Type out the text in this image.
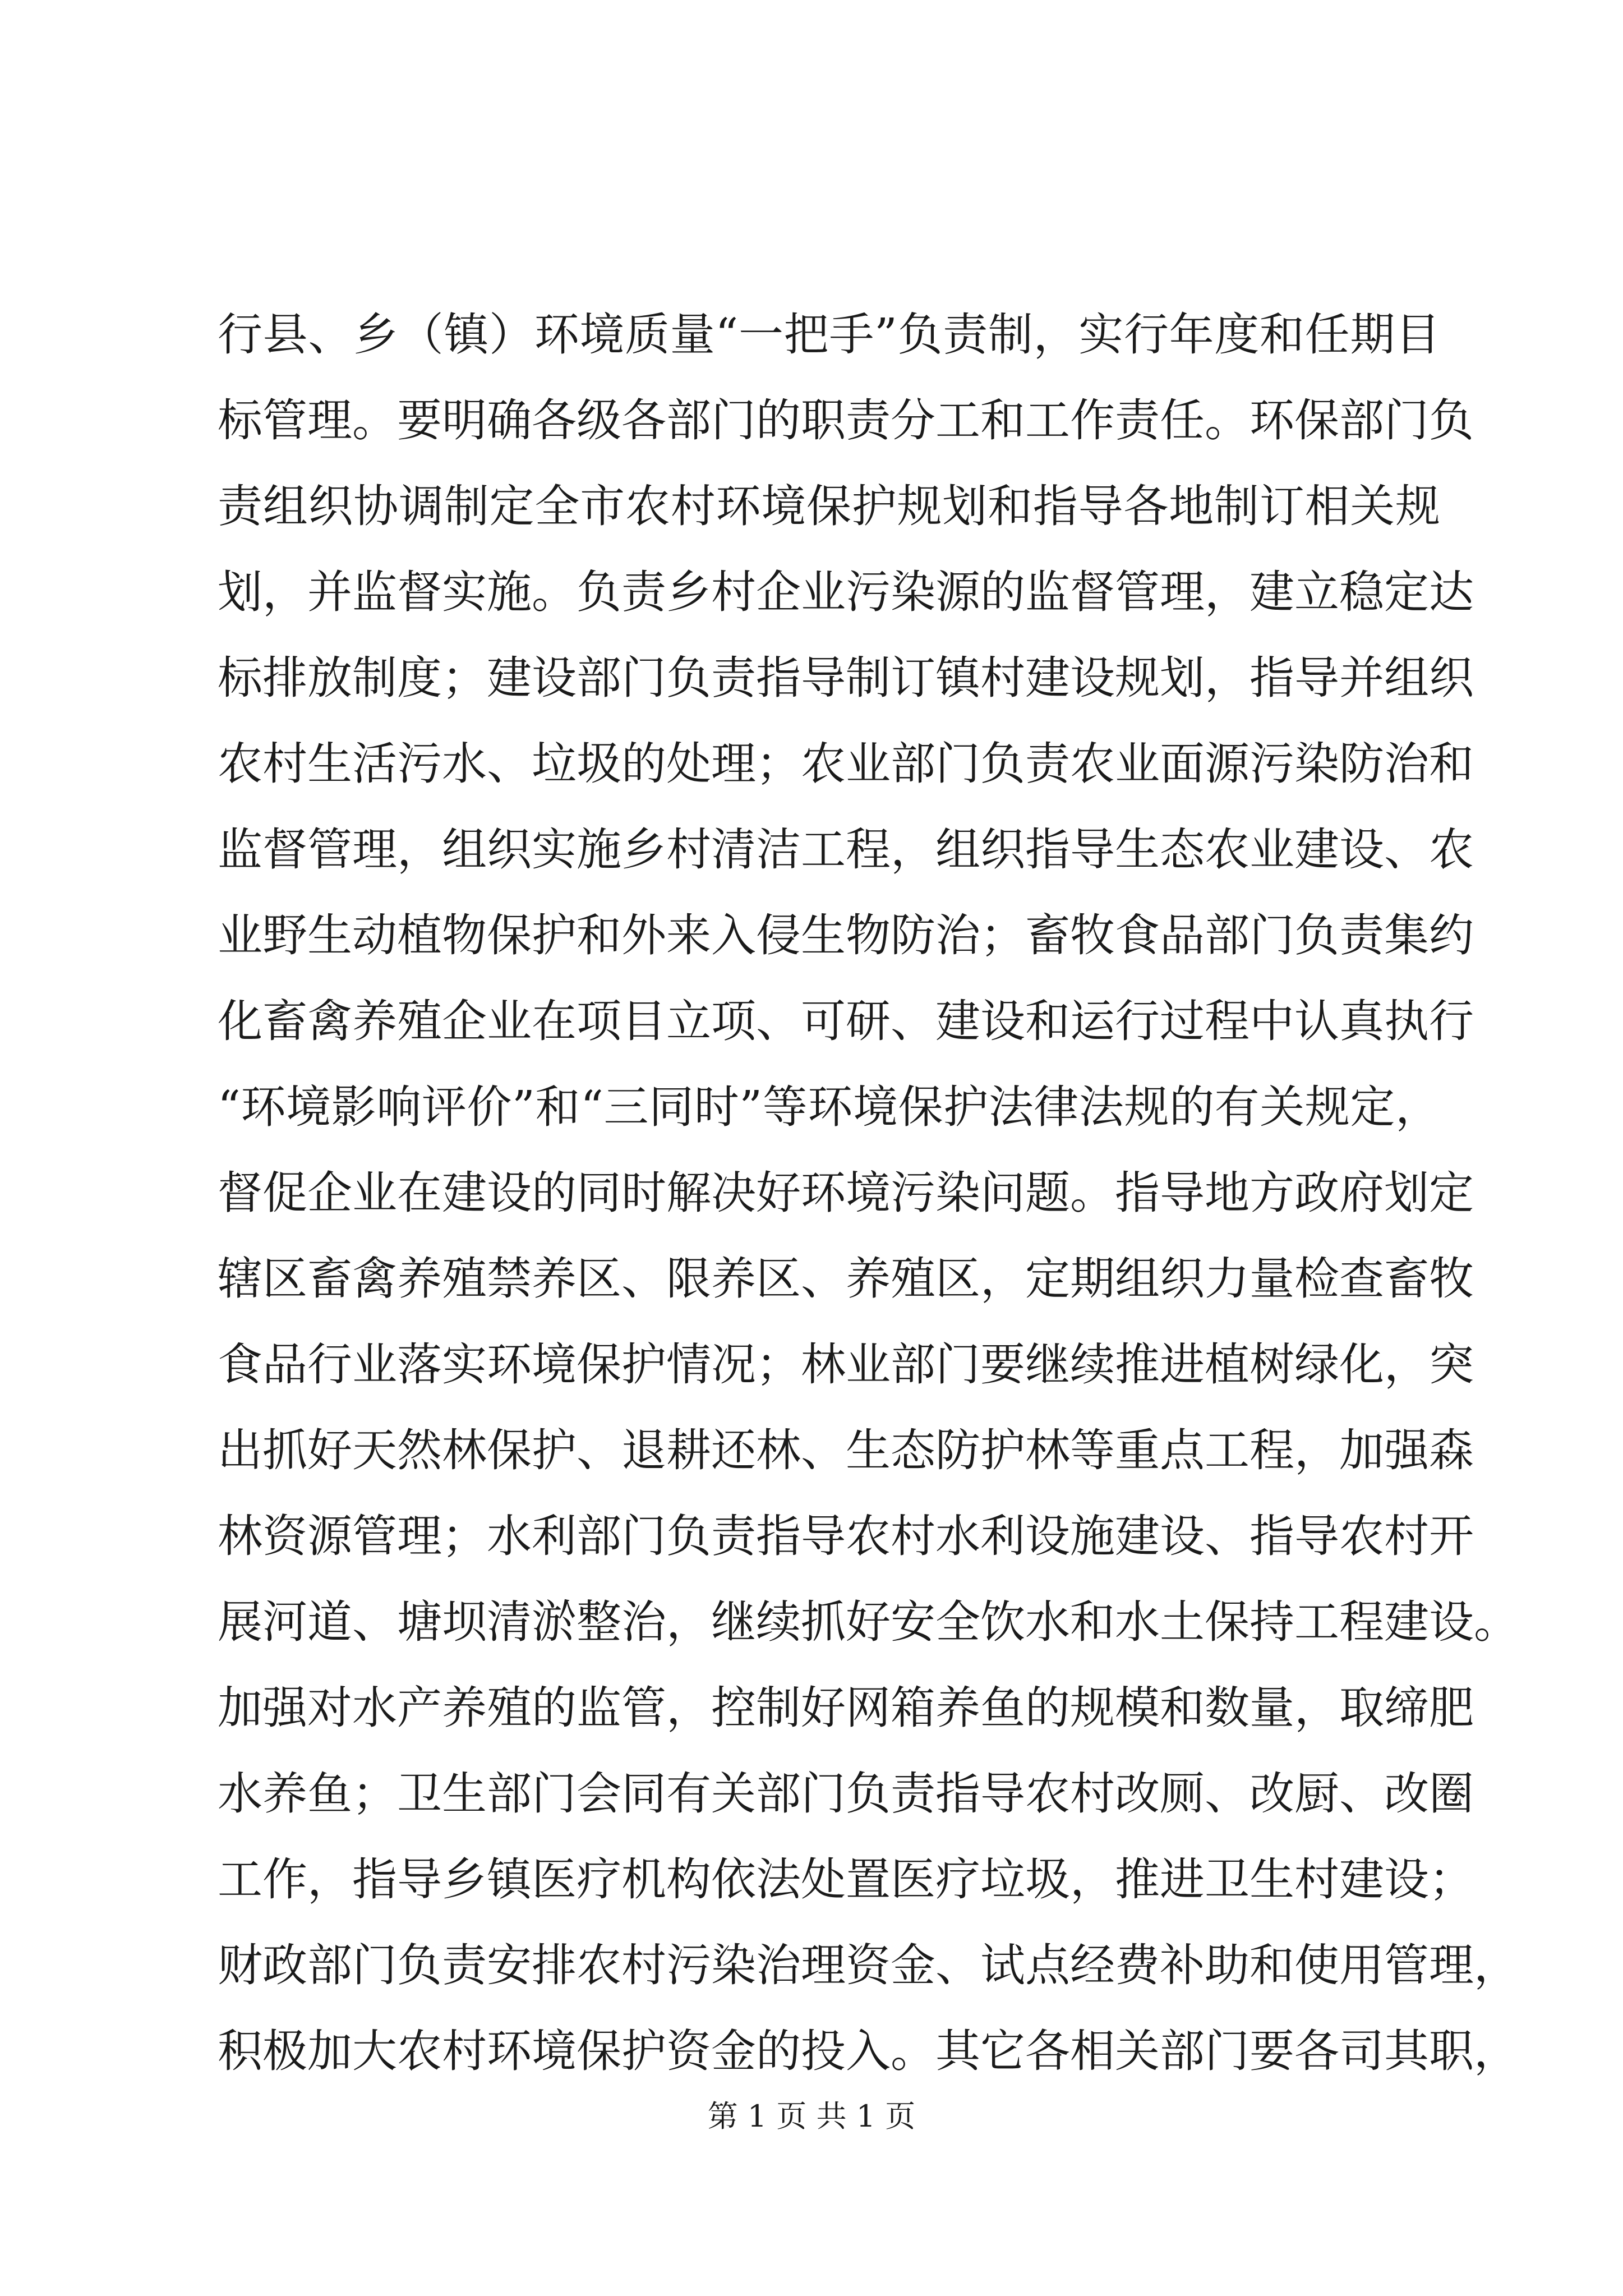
行县、乡（镇）环境质量“一把手”负责制，实行年度和任期目
标管理。要明确各级各部门的职责分工和工作责任。环保部门负
责组织协调制定全市农村环境保护规划和指导各地制订相关规
划，并监督实施。负责乡村企业污染源的监督管理，建立稳定达
标排放制度；建设部门负责指导制订镇村建设规划，指导并组织
农村生活污水、垃圾的处理；农业部门负责农业面源污染防治和
监督管理，组织实施乡村清洁工程，组织指导生态农业建设、农
业野生动植物保护和外来入侵生物防治；畜牧食品部门负责集约
化畜禽养殖企业在项目立项、可研、建设和运行过程中认真执行
“环境影响评价”和“三同时”等环境保护法律法规的有关规定，
督促企业在建设的同时解决好环境污染问题。指导地方政府划定
辖区畜禽养殖禁养区、限养区、养殖区，定期组织力量检查畜牧
食品行业落实环境保护情况；林业部门要继续推进植树绿化，突
出抓好天然林保护、退耕还林、生态防护林等重点工程，加强森
林资源管理；水利部门负责指导农村水利设施建设、指导农村开
展河道、塘坝清淤整治，继续抓好安全饮水和水土保持工程建设。
加强对水产养殖的监管，控制好网箱养鱼的规模和数量，取缔肥
水养鱼；卫生部门会同有关部门负责指导农村改厕、改厨、改圈
工作，指导乡镇医疗机构依法处置医疗垃圾，推进卫生村建设；
财政部门负责安排农村污染治理资金、试点经费补助和使用管理，
积极加大农村环境保护资金的投入。其它各相关部门要各司其职，
第 1 页 共 1 页
